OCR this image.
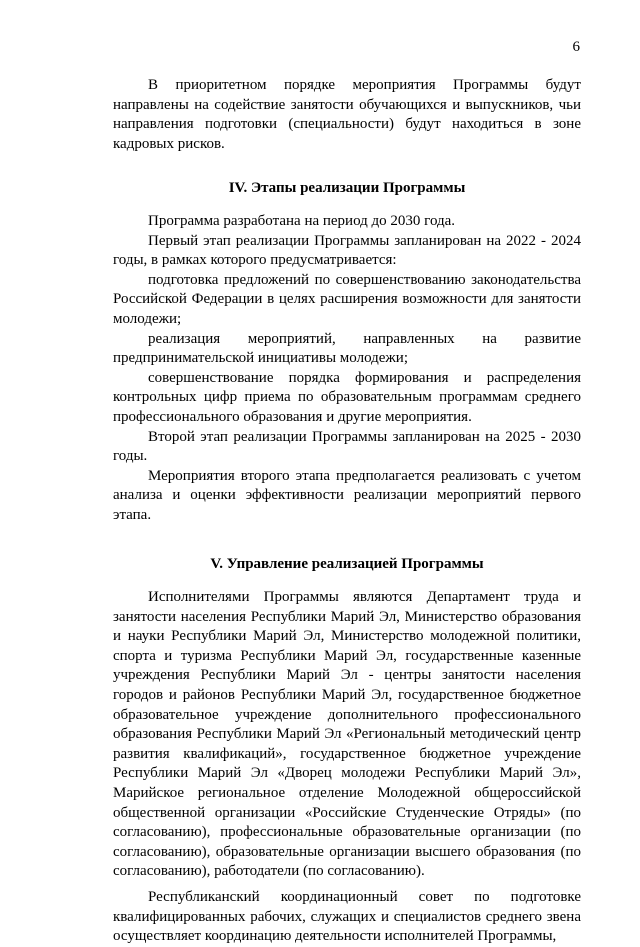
6

В приоритетном порядке мероприятия Программы будут направлены на содействие занятости обучающихся и выпускников, чьи направления подготовки (специальности) будут находиться в зоне кадровых рисков.

IV. Этапы реализации Программы

Программа разработана на период до 2030 года.

Первый этап реализации Программы запланирован на 2022 - 2024 годы, в рамках которого предусматривается:

подготовка предложений по совершенствованию законодательства Российской Федерации в целях расширения возможности для занятости молодежи;

реализация мероприятий, направленных на развитие предпринимательской инициативы молодежи;

совершенствование порядка формирования и распределения контрольных цифр приема по образовательным программам среднего профессионального образования и другие мероприятия.

Второй этап реализации Программы запланирован на 2025 - 2030 годы.

Мероприятия второго этапа предполагается реализовать с учетом анализа и оценки эффективности реализации мероприятий первого этапа.

V. Управление реализацией Программы

Исполнителями Программы являются Департамент труда и занятости населения Республики Марий Эл, Министерство образования и науки Республики Марий Эл, Министерство молодежной политики, спорта и туризма Республики Марий Эл, государственные казенные учреждения Республики Марий Эл - центры занятости населения городов и районов Республики Марий Эл, государственное бюджетное образовательное учреждение дополнительного профессионального образования Республики Марий Эл «Региональный методический центр развития квалификаций», государственное бюджетное учреждение Республики Марий Эл «Дворец молодежи Республики Марий Эл», Марийское региональное отделение Молодежной общероссийской общественной организации «Российские Студенческие Отряды» (по согласованию), профессиональные образовательные организации (по согласованию), образовательные организации высшего образования (по согласованию), работодатели (по согласованию).

Республиканский координационный совет по подготовке квалифицированных рабочих, служащих и специалистов среднего звена осуществляет координацию деятельности исполнителей Программы,
